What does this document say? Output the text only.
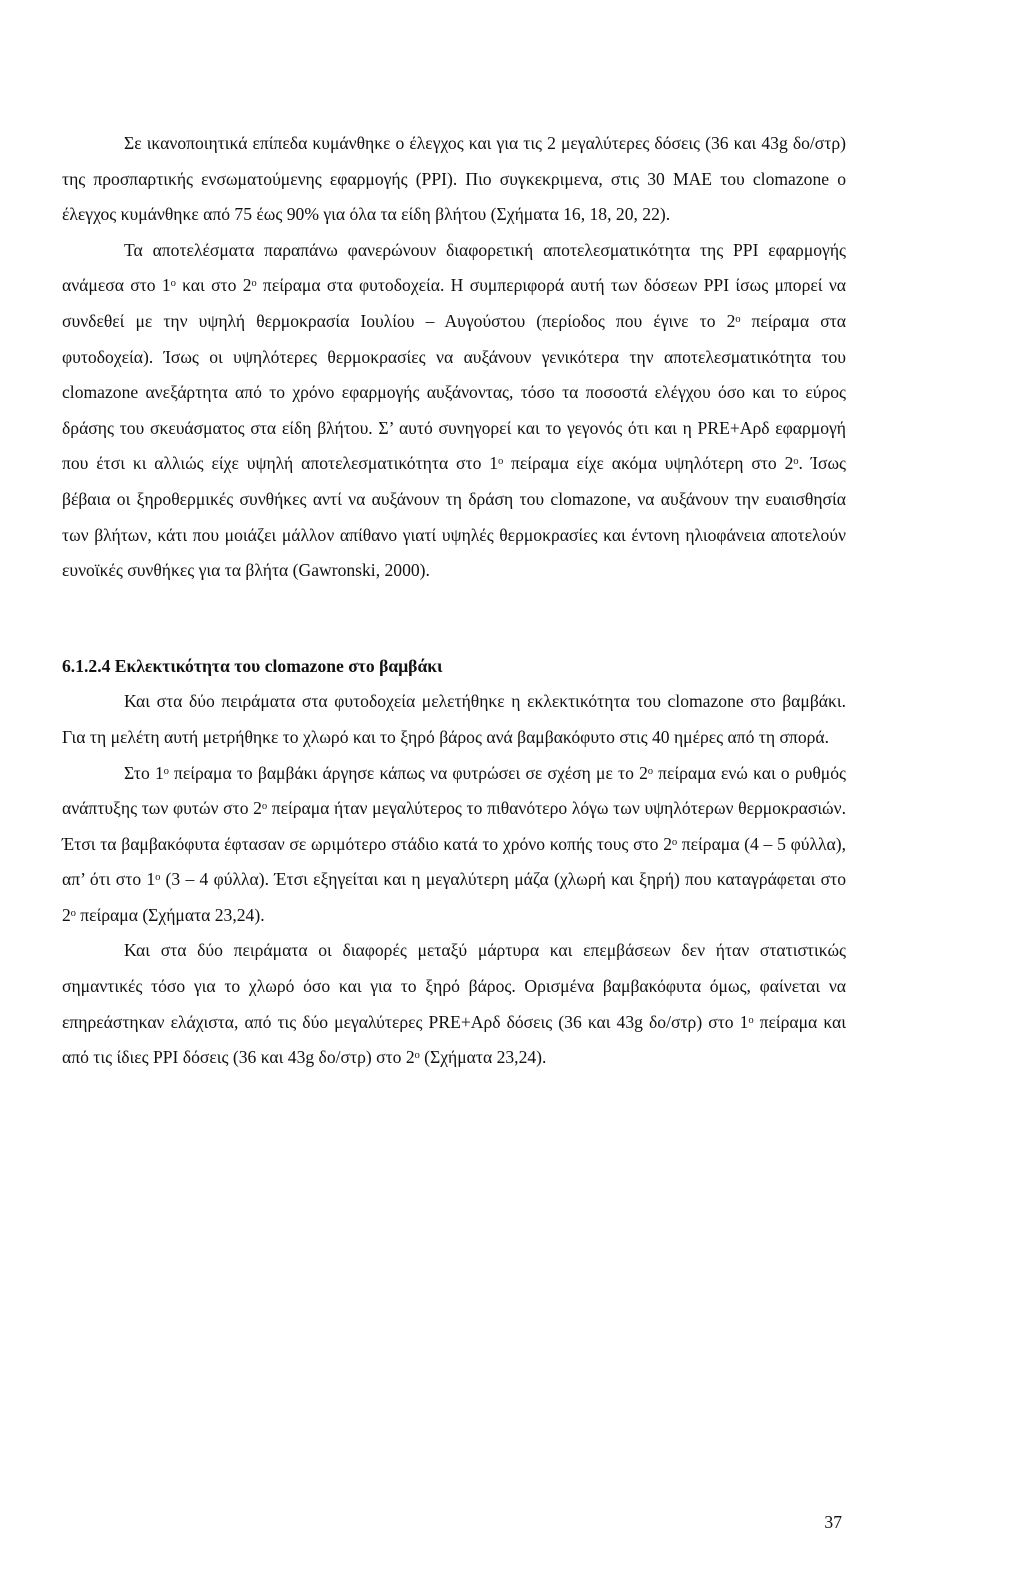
Σε ικανοποιητικά επίπεδα κυμάνθηκε ο έλεγχος και για τις 2 μεγαλύτερες δόσεις (36 και 43g δο/στρ) της προσπαρτικής ενσωματούμενης εφαρμογής (PPI). Πιο συγκεκριμενα, στις 30 ΜΑΕ του clomazone ο έλεγχος κυμάνθηκε από 75 έως 90% για όλα τα είδη βλήτου (Σχήματα 16, 18, 20, 22).

Τα αποτελέσματα παραπάνω φανερώνουν διαφορετική αποτελεσματικότητα της PPI εφαρμογής ανάμεσα στο 1ᵒ και στο 2ᵒ πείραμα στα φυτοδοχεία. Η συμπεριφορά αυτή των δόσεων PPI ίσως μπορεί να συνδεθεί με την υψηλή θερμοκρασία Ιουλίου – Αυγούστου (περίοδος που έγινε το 2ᵒ πείραμα στα φυτοδοχεία). Ίσως οι υψηλότερες θερμοκρασίες να αυξάνουν γενικότερα την αποτελεσματικότητα του clomazone ανεξάρτητα από το χρόνο εφαρμογής αυξάνοντας, τόσο τα ποσοστά ελέγχου όσο και το εύρος δράσης του σκευάσματος στα είδη βλήτου. Σ’ αυτό συνηγορεί και το γεγονός ότι και η PRE+Αρδ εφαρμογή που έτσι κι αλλιώς είχε υψηλή αποτελεσματικότητα στο 1ᵒ πείραμα είχε ακόμα υψηλότερη στο 2ᵒ. Ίσως βέβαια οι ξηροθερμικές συνθήκες αντί να αυξάνουν τη δράση του clomazone, να αυξάνουν την ευαισθησία των βλήτων, κάτι που μοιάζει μάλλον απίθανο γιατί υψηλές θερμοκρασίες και έντονη ηλιοφάνεια αποτελούν ευνοϊκές συνθήκες για τα βλήτα (Gawronski, 2000).

6.1.2.4 Εκλεκτικότητα του clomazone στο βαμβάκι

Και στα δύο πειράματα στα φυτοδοχεία μελετήθηκε η εκλεκτικότητα του clomazone στο βαμβάκι. Για τη μελέτη αυτή μετρήθηκε το χλωρό και το ξηρό βάρος ανά βαμβακόφυτο στις 40 ημέρες από τη σπορά.

Στο 1ᵒ πείραμα το βαμβάκι άργησε κάπως να φυτρώσει σε σχέση με το 2ᵒ πείραμα ενώ και ο ρυθμός ανάπτυξης των φυτών στο 2ᵒ πείραμα ήταν μεγαλύτερος το πιθανότερο λόγω των υψηλότερων θερμοκρασιών. Έτσι τα βαμβακόφυτα έφτασαν σε ωριμότερο στάδιο κατά το χρόνο κοπής τους στο 2ᵒ πείραμα (4 – 5 φύλλα), απ’ ότι στο 1ᵒ (3 – 4 φύλλα). Έτσι εξηγείται και η μεγαλύτερη μάζα (χλωρή και ξηρή) που καταγράφεται στο 2ᵒ πείραμα (Σχήματα 23,24).

Και στα δύο πειράματα οι διαφορές μεταξύ μάρτυρα και επεμβάσεων δεν ήταν στατιστικώς σημαντικές τόσο για το χλωρό όσο και για το ξηρό βάρος. Ορισμένα βαμβακόφυτα όμως, φαίνεται να επηρεάστηκαν ελάχιστα, από τις δύο μεγαλύτερες PRE+Αρδ δόσεις (36 και 43g δο/στρ) στο 1ᵒ πείραμα και από τις ίδιες PPI δόσεις (36 και 43g δο/στρ) στο 2ᵒ (Σχήματα 23,24).

37
